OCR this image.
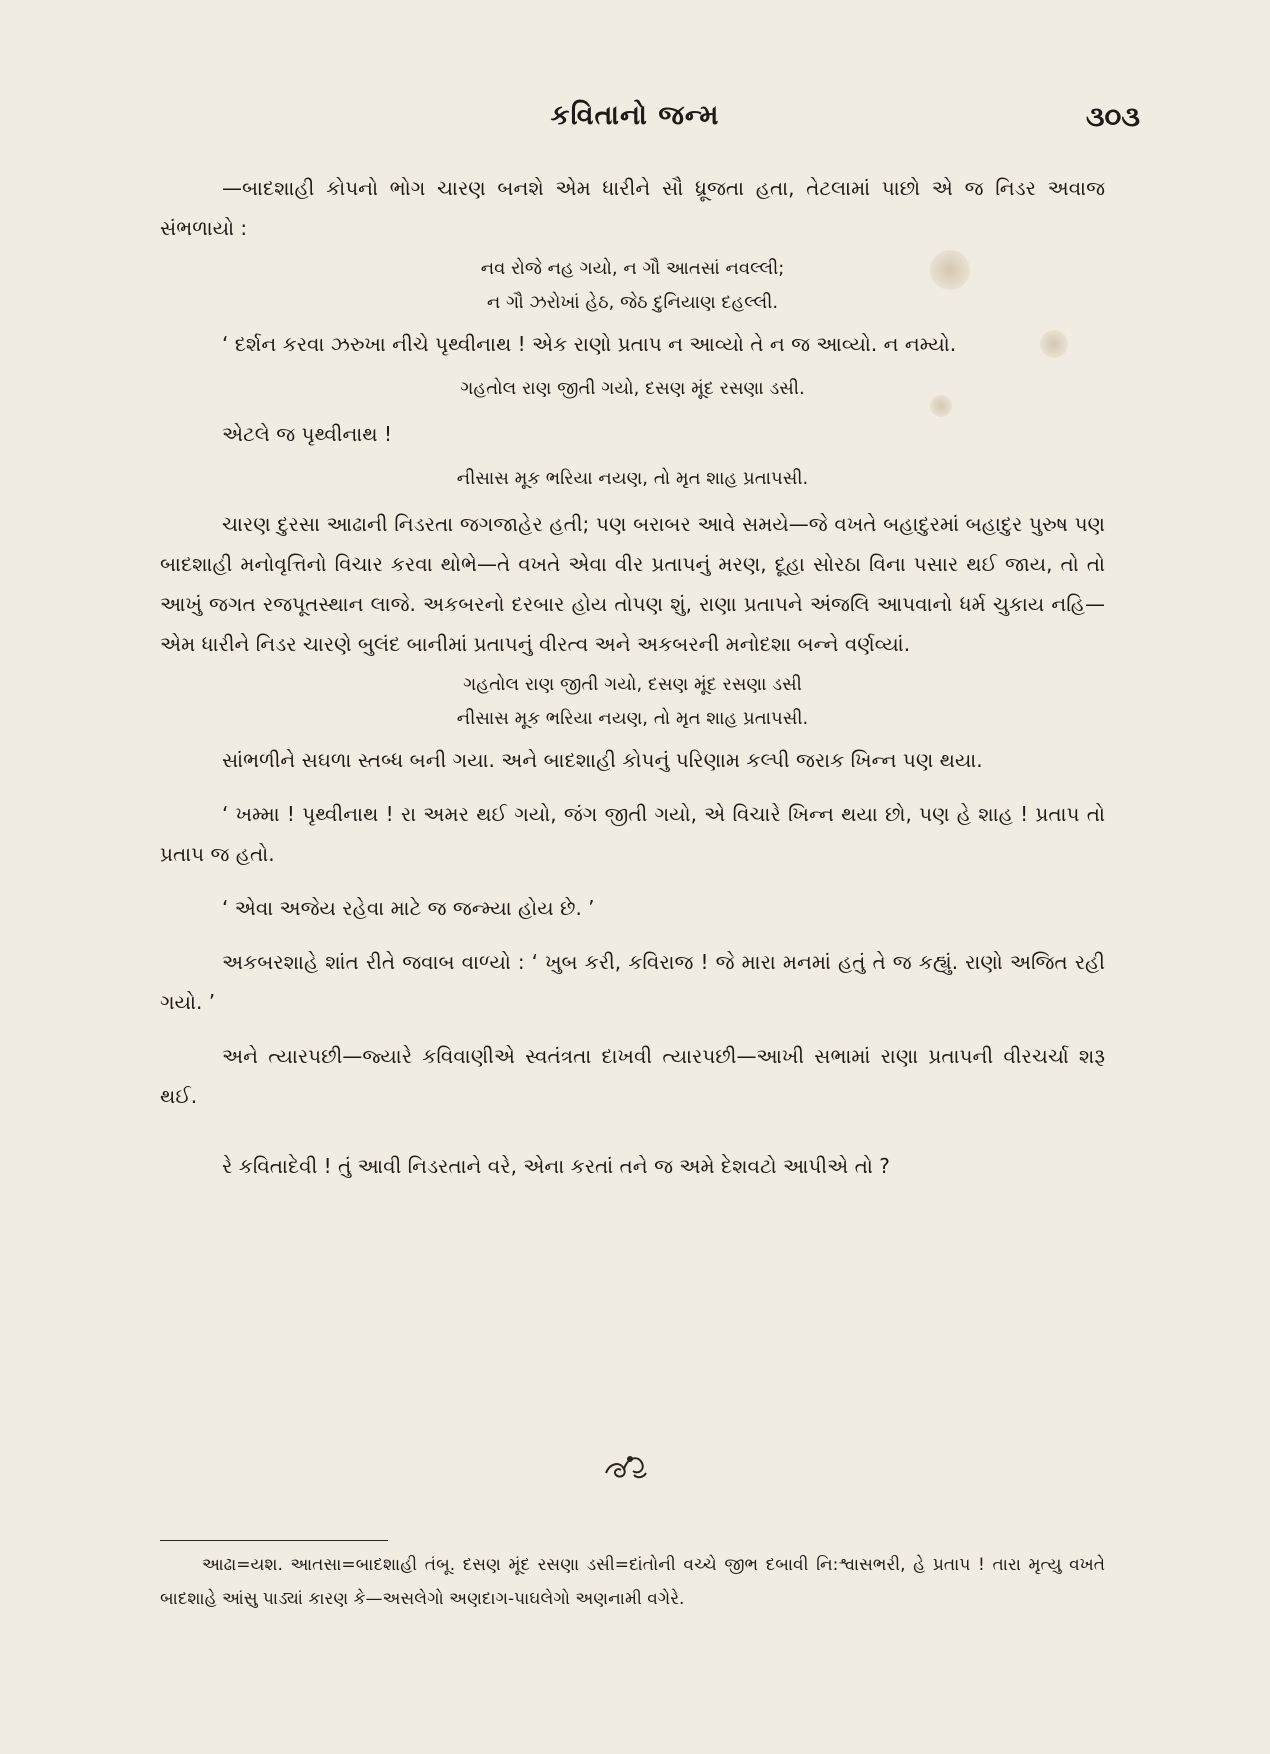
કવિતાનો જન્મ	૩૦૩

—બાદશાહી કોપનો ભોગ ચારણ બનશે એમ ધારીને સૌ ધ્રૂજતા હતા, તેટલામાં પાછો એ જ નિડર અવાજ સંભળાયો :

નવ રોજે નહ ગયો, ન ગૌ આતસાં નવલ્લી;
ન ગૌ ઝરોખાં હેઠ, જેઠ દુનિયાણ દહલ્લી.

‘ દર્શન કરવા ઝરુખા નીચે પૃથ્વીનાથ ! એક રાણો પ્રતાપ ન આવ્યો તે ન જ આવ્યો. ન નમ્યો.

ગહતોલ રાણ જીતી ગયો, દસણ મૂંદ રસણા ડસી.

એટલે જ પૃથ્વીનાથ !

નીસાસ મૂક ભરિયા નયણ, તો મૃત શાહ પ્રતાપસી.

ચારણ દુરસા આઢાની નિડરતા જગજાહેર હતી; પણ બરાબર આવે સમયે—જે વખતે બહાદુરમાં બહાદુર પુરુષ પણ બાદશાહી મનોવૃત્તિનો વિચાર કરવા થોભે—તે વખતે એવા વીર પ્રતાપનું મરણ, દૂહા સોરઠા વિના પસાર થઈ જાય, તો તો આખું જગત રજપૂતસ્થાન લાજે. અકબરનો દરબાર હોય તોપણ શું, રાણા પ્રતાપને અંજલિ આપવાનો ધર્મ ચુકાય નહિ—એમ ધારીને નિડર ચારણે બુલંદ બાનીમાં પ્રતાપનું વીરત્વ અને અકબરની મનોદશા બન્ને વર્ણવ્યાં.

ગહતોલ રાણ જીતી ગયો, દસણ મૂંદ રસણા ડસી
નીસાસ મૂક ભરિયા નયણ, તો મૃત શાહ પ્રતાપસી.

સાંભળીને સઘળા સ્તબ્ધ બની ગયા. અને બાદશાહી કોપનું પરિણામ કલ્પી જરાક ખિન્ન પણ થયા.

‘ ખમ્મા ! પૃથ્વીનાથ ! રા અમર થઈ ગયો, જંગ જીતી ગયો, એ વિચારે ખિન્ન થયા છો, પણ હે શાહ ! પ્રતાપ તો પ્રતાપ જ હતો.

‘ એવા અજેય રહેવા માટે જ જન્મ્યા હોય છે. ’

અકબરશાહે શાંત રીતે જવાબ વાળ્યો : ‘ ખુબ કરી, કવિરાજ ! જે મારા મનમાં હતું તે જ કહ્યું. રાણો અજિત રહી ગયો. ’

અને ત્યારપછી—જ્યારે કવિવાણીએ સ્વતંત્રતા દાખવી ત્યારપછી—આખી સભામાં રાણા પ્રતાપની વીરચર્ચા શરૂ થઈ.

રે કવિતાદેવી ! તું આવી નિડરતાને વરે, એના કરતાં તને જ અમે દેશવટો આપીએ તો ?

આઢા=યશ. આતસા=બાદશાહી તંબૂ. દસણ મૂંદ રસણા ડસી=દાંતોની વચ્ચે જીભ દબાવી નિ:શ્વાસભરી, હે પ્રતાપ ! તારા મૃત્યુ વખતે બાદશાહે આંસુ પાડ્યાં કારણ કે—અસલેગો અણદાગ-પાઘલેગો અણનામી વગેરે.
